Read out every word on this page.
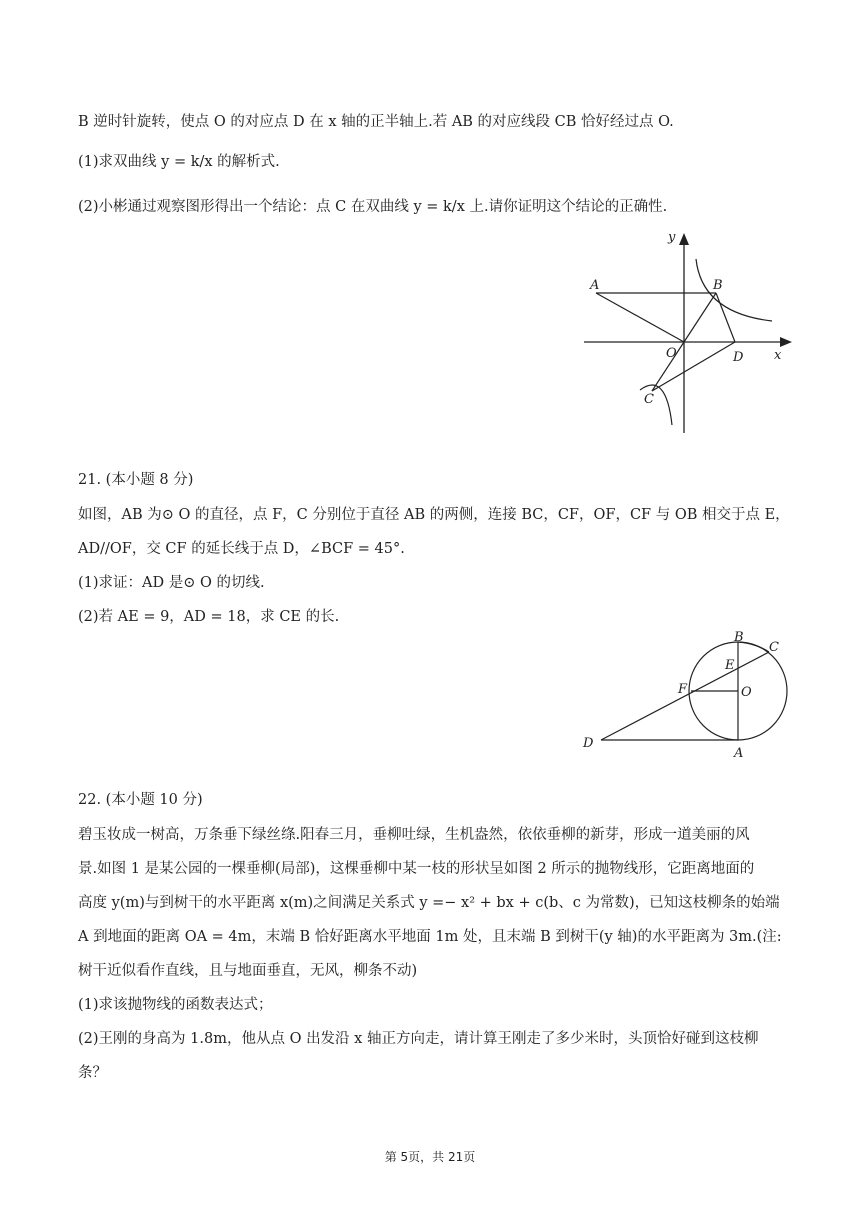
B 逆时针旋转，使点 O 的对应点 D 在 x 轴的正半轴上.若 AB 的对应线段 CB 恰好经过点 O.
(1)求双曲线 y = k/x 的解析式.
(2)小彬通过观察图形得出一个结论：点 C 在双曲线 y = k/x 上.请你证明这个结论的正确性.
A	B
O	D
C
x
y
21. (本小题 8 分)
如图，AB 为⊙ O 的直径，点 F，C 分别位于直径 AB 的两侧，连接 BC，CF，OF，CF 与 OB 相交于点 E，
AD//OF，交 CF 的延长线于点 D，∠BCF = 45°.
(1)求证：AD 是⊙ O 的切线.
(2)若 AE = 9，AD = 18，求 CE 的长.
B
C
E
F	O
D
A
22. (本小题 10 分)
碧玉妆成一树高，万条垂下绿丝绦.阳春三月，垂柳吐绿，生机盎然，依依垂柳的新芽，形成一道美丽的风
景.如图 1 是某公园的一棵垂柳(局部)，这棵垂柳中某一枝的形状呈如图 2 所示的抛物线形，它距离地面的
高度 y(m)与到树干的水平距离 x(m)之间满足关系式 y =− x² + bx + c(b、c 为常数)，已知这枝柳条的始端
A 到地面的距离 OA = 4m，末端 B 恰好距离水平地面 1m 处，且末端 B 到树干(y 轴)的水平距离为 3m.(注:
树干近似看作直线，且与地面垂直，无风，柳条不动)
(1)求该抛物线的函数表达式；
(2)王刚的身高为 1.8m，他从点 O 出发沿 x 轴正方向走，请计算王刚走了多少米时，头顶恰好碰到这枝柳
条？
第 5页，共 21页
